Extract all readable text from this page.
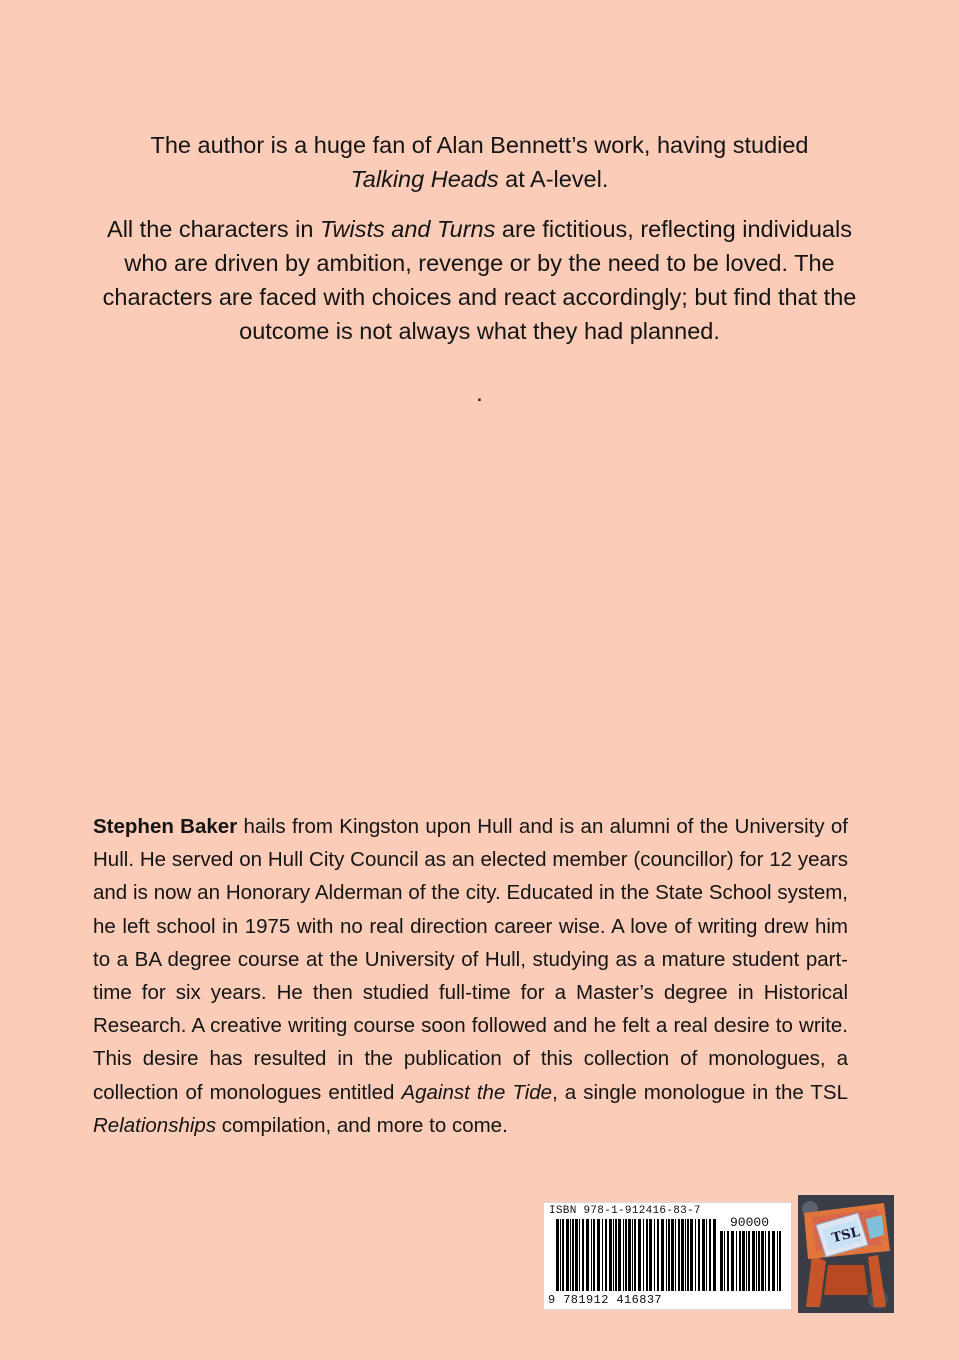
The author is a huge fan of Alan Bennett’s work, having studied
Talking Heads at A-level.

All the characters in Twists and Turns are fictitious, reflecting individuals who are driven by ambition, revenge or by the need to be loved. The characters are faced with choices and react accordingly; but find that the outcome is not always what they had planned.

.

Stephen Baker hails from Kingston upon Hull and is an alumni of the University of Hull. He served on Hull City Council as an elected member (councillor) for 12 years and is now an Honorary Alderman of the city. Educated in the State School system, he left school in 1975 with no real direction career wise. A love of writing drew him to a BA degree course at the University of Hull, studying as a mature student part-time for six years. He then studied full-time for a Master’s degree in Historical Research. A creative writing course soon followed and he felt a real desire to write. This desire has resulted in the publication of this collection of monologues, a collection of monologues entitled Against the Tide, a single monologue in the TSL Relationships compilation, and more to come.
ISBN 978-1-912416-83-7
90000
9 781912 416837
TSL
